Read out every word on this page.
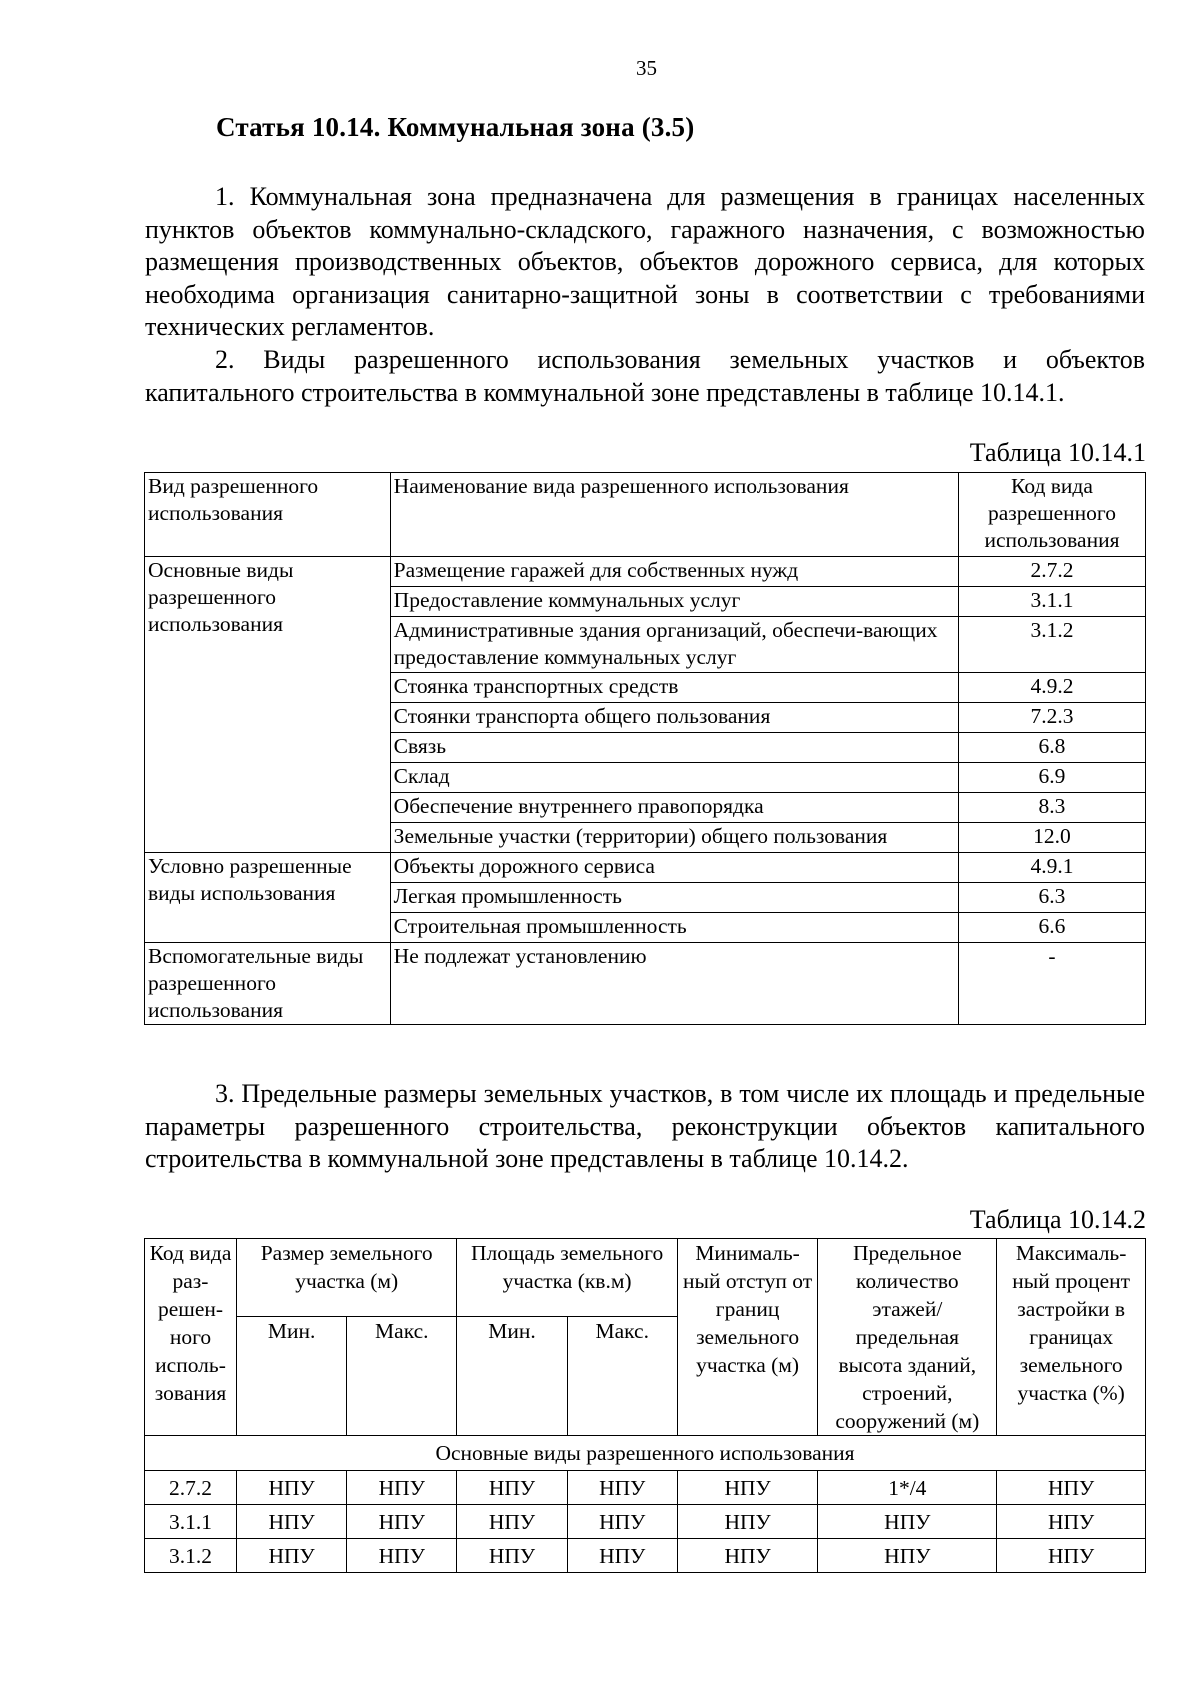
35
Статья 10.14. Коммунальная зона (3.5)

1. Коммунальная зона предназначена для размещения в границах населенных пунктов объектов коммунально-складского, гаражного назначения, с возможностью размещения производственных объектов, объектов дорожного сервиса, для которых необходима организация санитарно-защитной зоны в соответствии с требованиями технических регламентов.

2. Виды разрешенного использования земельных участков и объектов капитального строительства в коммунальной зоне представлены в таблице 10.14.1.

Таблица 10.14.1
Вид разрешенного использования	Наименование вида разрешенного использования	Код вида разрешенного использования
Основные виды разрешенного использования	Размещение гаражей для собственных нужд	2.7.2
	Предоставление коммунальных услуг	3.1.1
	Административные здания организаций, обеспечи-вающих предоставление коммунальных услуг	3.1.2
	Стоянка транспортных средств	4.9.2
	Стоянки транспорта общего пользования	7.2.3
	Связь	6.8
	Склад	6.9
	Обеспечение внутреннего правопорядка	8.3
	Земельные участки (территории) общего пользования	12.0
Условно разрешенные виды использования	Объекты дорожного сервиса	4.9.1
	Легкая промышленность	6.3
	Строительная промышленность	6.6
Вспомогательные виды разрешенного использования	Не подлежат установлению	-

3. Предельные размеры земельных участков, в том числе их площадь и предельные параметры разрешенного строительства, реконструкции объектов капитального строительства в коммунальной зоне представлены в таблице 10.14.2.

Таблица 10.14.2
Код вида раз-решен-ного исполь-зования	Размер земельного участка (м)		Площадь земельного участка (кв.м)		Минималь-ный отступ от границ земельного участка (м)	Предельное количество этажей/ предельная высота зданий, строений, сооружений (м)	Максималь-ный процент застройки в границах земельного участка (%)
	Мин.	Макс.	Мин.	Макс.			
Основные виды разрешенного использования							
2.7.2	НПУ	НПУ	НПУ	НПУ	НПУ	1*/4	НПУ
3.1.1	НПУ	НПУ	НПУ	НПУ	НПУ	НПУ	НПУ
3.1.2	НПУ	НПУ	НПУ	НПУ	НПУ	НПУ	НПУ
